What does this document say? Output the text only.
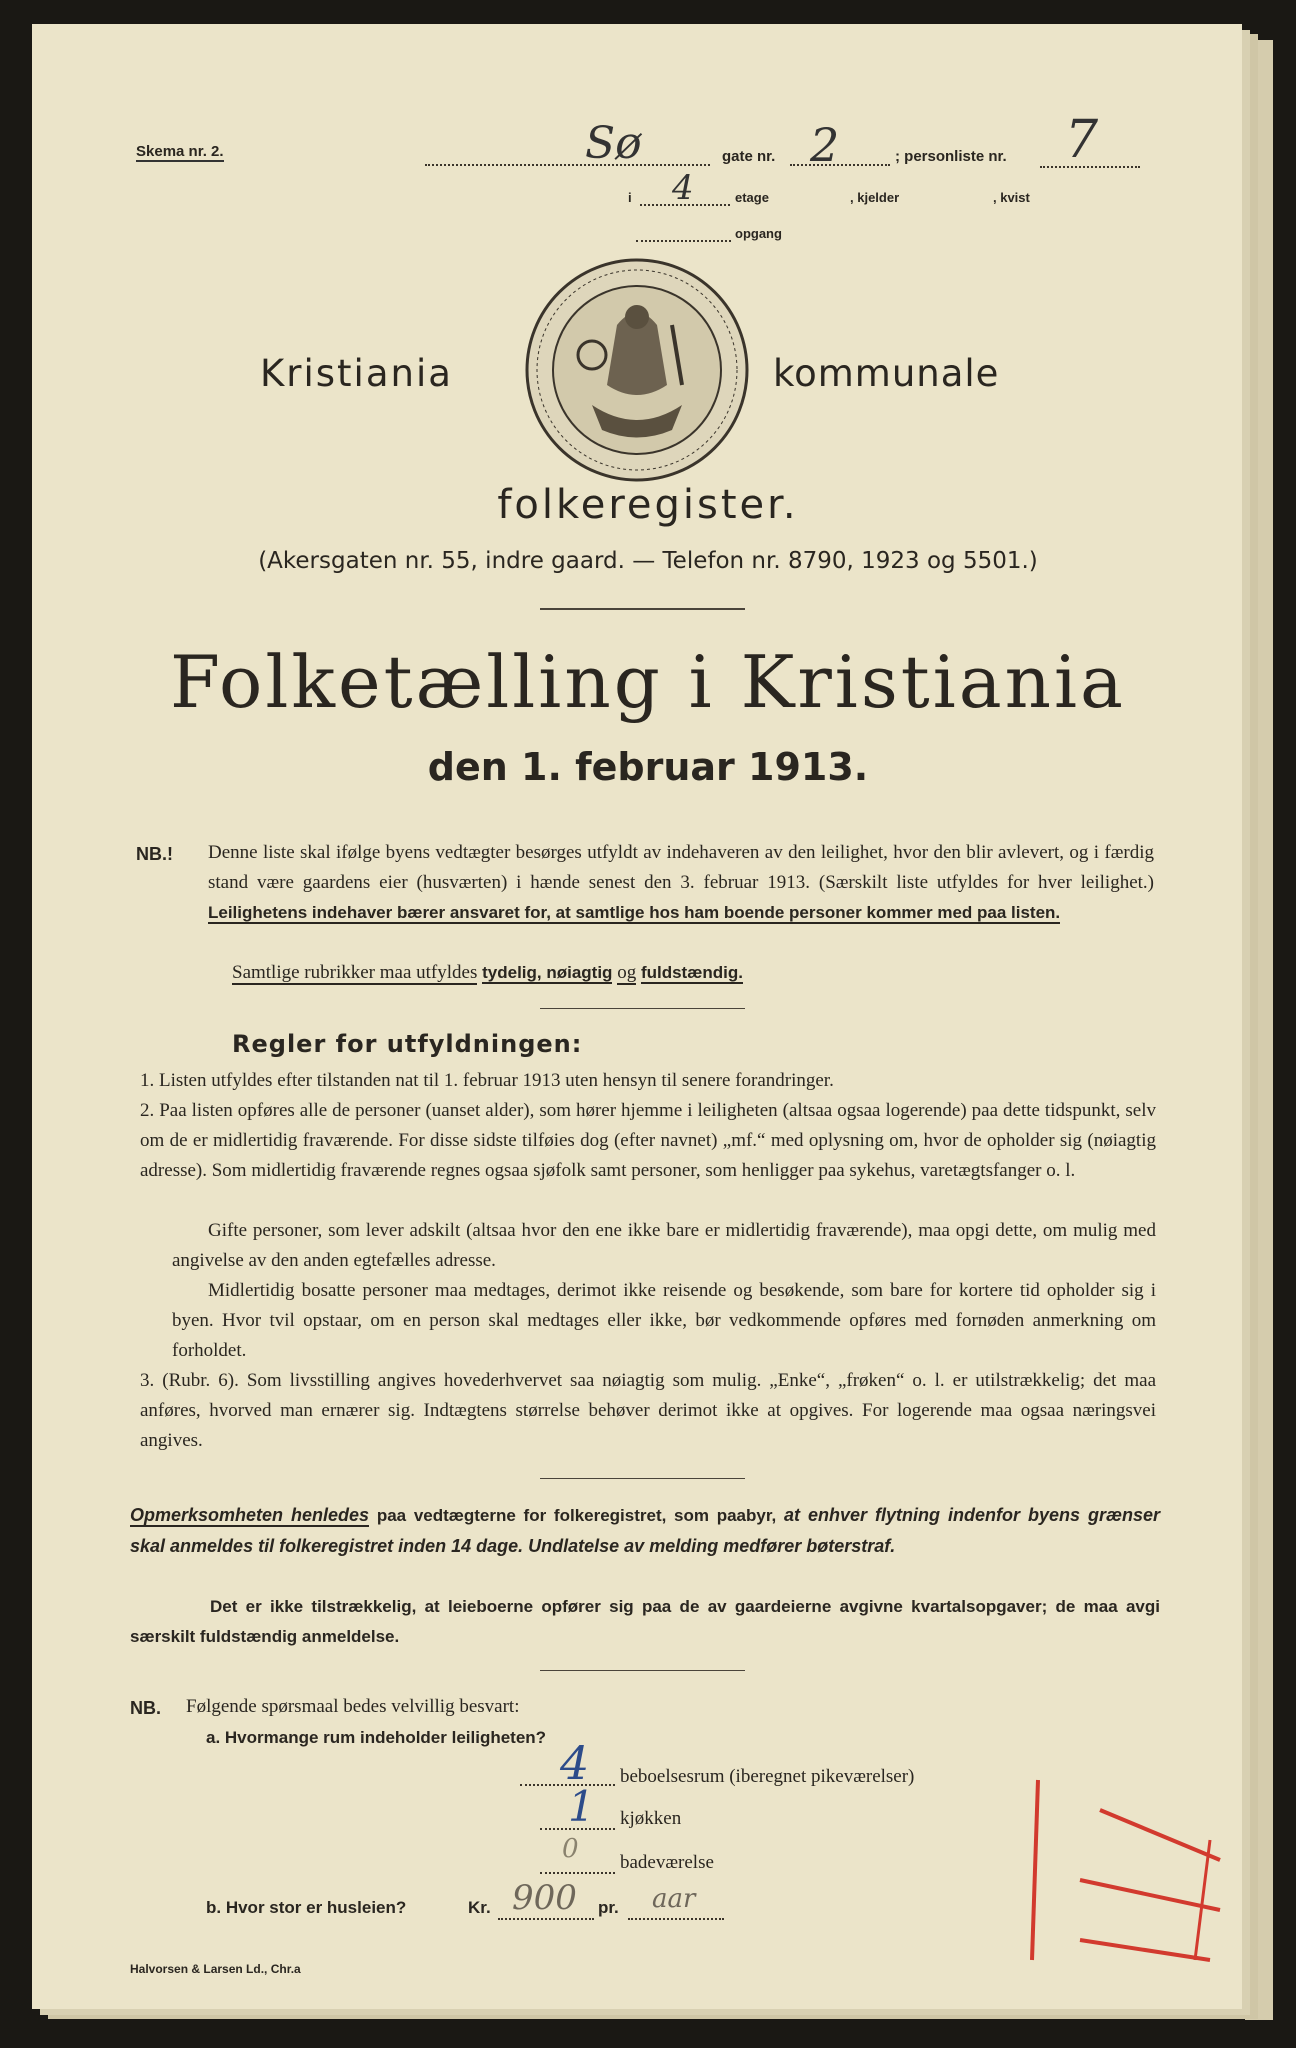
Skema nr. 2.	Sø	gate nr. 2	; personliste nr. 7
i 4	etage	, kjelder	, kvist
opgang
Kristiania	kommunale
folkeregister.
(Akersgaten nr. 55, indre gaard. — Telefon nr. 8790, 1923 og 5501.)
Folketælling i Kristiania
den 1. februar 1913.
NB.! Denne liste skal ifølge byens vedtægter besørges utfyldt av indehaveren av den leilighet, hvor den blir avlevert, og i færdig stand være gaardens eier (husværten) i hænde senest den 3. februar 1913. (Særskilt liste utfyldes for hver leilighet.) Leilighetens indehaver bærer ansvaret for, at samtlige hos ham boende personer kommer med paa listen.
Samtlige rubrikker maa utfyldes tydelig, nøiagtig og fuldstændig.
Regler for utfyldningen:
1. Listen utfyldes efter tilstanden nat til 1. februar 1913 uten hensyn til senere forandringer.
2. Paa listen opføres alle de personer (uanset alder), som hører hjemme i leiligheten (altsaa ogsaa logerende) paa dette tidspunkt, selv om de er midlertidig fraværende. For disse sidste tilføies dog (efter navnet) „mf.“ med oplysning om, hvor de opholder sig (nøiagtig adresse). Som midlertidig fraværende regnes ogsaa sjøfolk samt personer, som henligger paa sykehus, varetægtsfanger o. l.
Gifte personer, som lever adskilt (altsaa hvor den ene ikke bare er midlertidig fraværende), maa opgi dette, om mulig med angivelse av den anden egtefælles adresse.
Midlertidig bosatte personer maa medtages, derimot ikke reisende og besøkende, som bare for kortere tid opholder sig i byen. Hvor tvil opstaar, om en person skal medtages eller ikke, bør vedkommende opføres med fornøden anmerkning om forholdet.
3. (Rubr. 6). Som livsstilling angives hovederhvervet saa nøiagtig som mulig. „Enke“, „frøken“ o. l. er utilstrækkelig; det maa anføres, hvorved man ernærer sig. Indtægtens størrelse behøver derimot ikke at opgives. For logerende maa ogsaa næringsvei angives.
Opmerksomheten henledes paa vedtægterne for folkeregistret, som paabyr, at enhver flytning indenfor byens grænser skal anmeldes til folkeregistret inden 14 dage. Undlatelse av melding medfører bøterstraf.
Det er ikke tilstrækkelig, at leieboerne opfører sig paa de av gaardeierne avgivne kvartalsopgaver; de maa avgi særskilt fuldstændig anmeldelse.
NB. Følgende spørsmaal bedes velvillig besvart:
a. Hvormange rum indeholder leiligheten? 4 beboelsesrum (iberegnet pikeværelser)
1 kjøkken
0 badeværelse
b. Hvor stor er husleien?	Kr. 900 pr. aar
Halvorsen & Larsen Ld., Chr.a
